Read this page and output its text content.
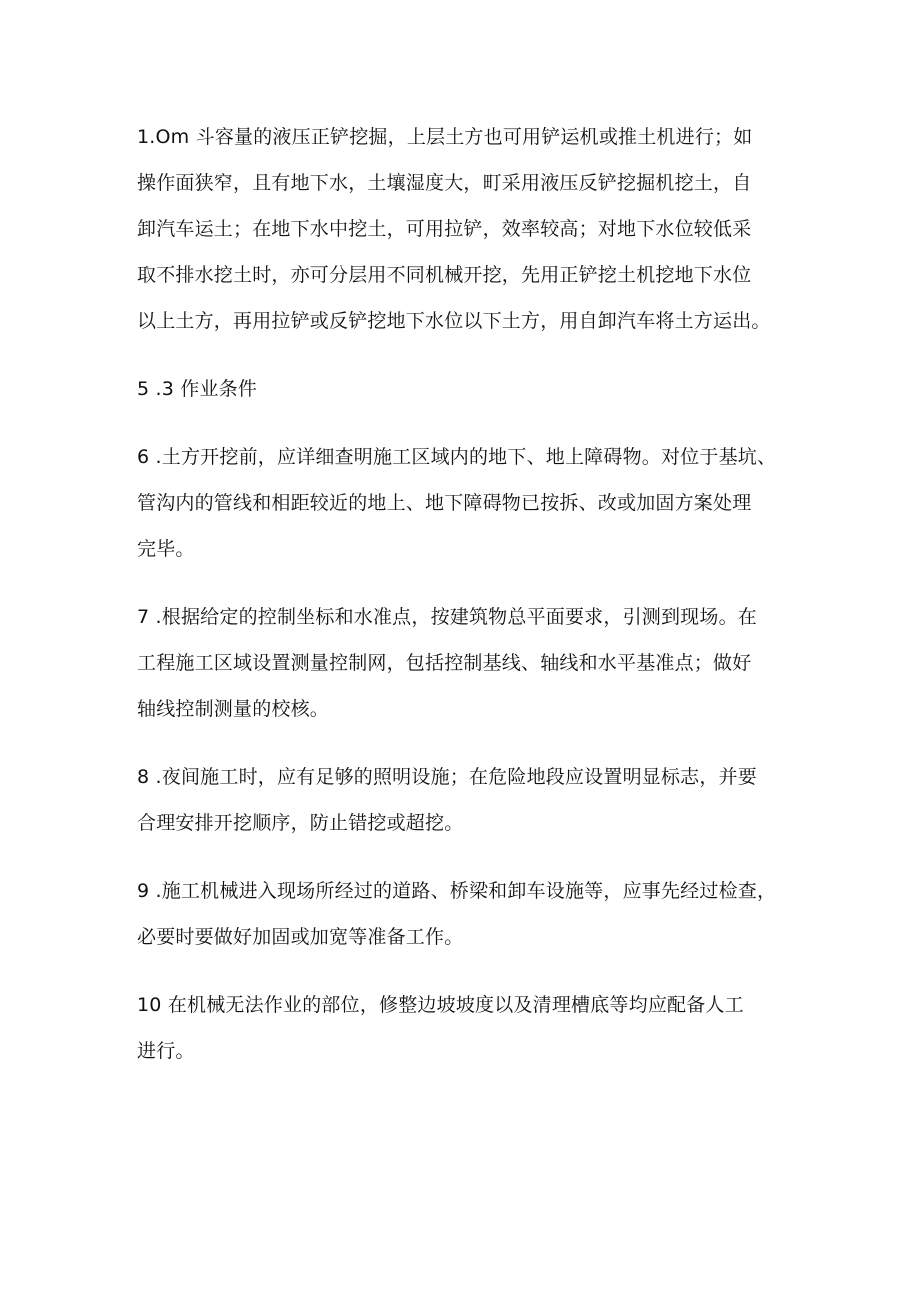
1.Om 斗容量的液压正铲挖掘，上层土方也可用铲运机或推土机进行；如
操作面狭窄，且有地下水，土壤湿度大，町采用液压反铲挖掘机挖土，自
卸汽车运土；在地下水中挖土，可用拉铲，效率较高；对地下水位较低采
取不排水挖土时，亦可分层用不同机械开挖，先用正铲挖土机挖地下水位
以上土方，再用拉铲或反铲挖地下水位以下土方，用自卸汽车将土方运出。

5 .3 作业条件

6 .土方开挖前，应详细查明施工区域内的地下、地上障碍物。对位于基坑、
管沟内的管线和相距较近的地上、地下障碍物已按拆、改或加固方案处理
完毕。

7 .根据给定的控制坐标和水准点，按建筑物总平面要求，引测到现场。在
工程施工区域设置测量控制网，包括控制基线、轴线和水平基准点；做好
轴线控制测量的校核。

8 .夜间施工时，应有足够的照明设施；在危险地段应设置明显标志，并要
合理安排开挖顺序，防止错挖或超挖。

9 .施工机械进入现场所经过的道路、桥梁和卸车设施等，应事先经过检查，
必要时要做好加固或加宽等准备工作。

10 在机械无法作业的部位，修整边坡坡度以及清理槽底等均应配备人工
进行。
